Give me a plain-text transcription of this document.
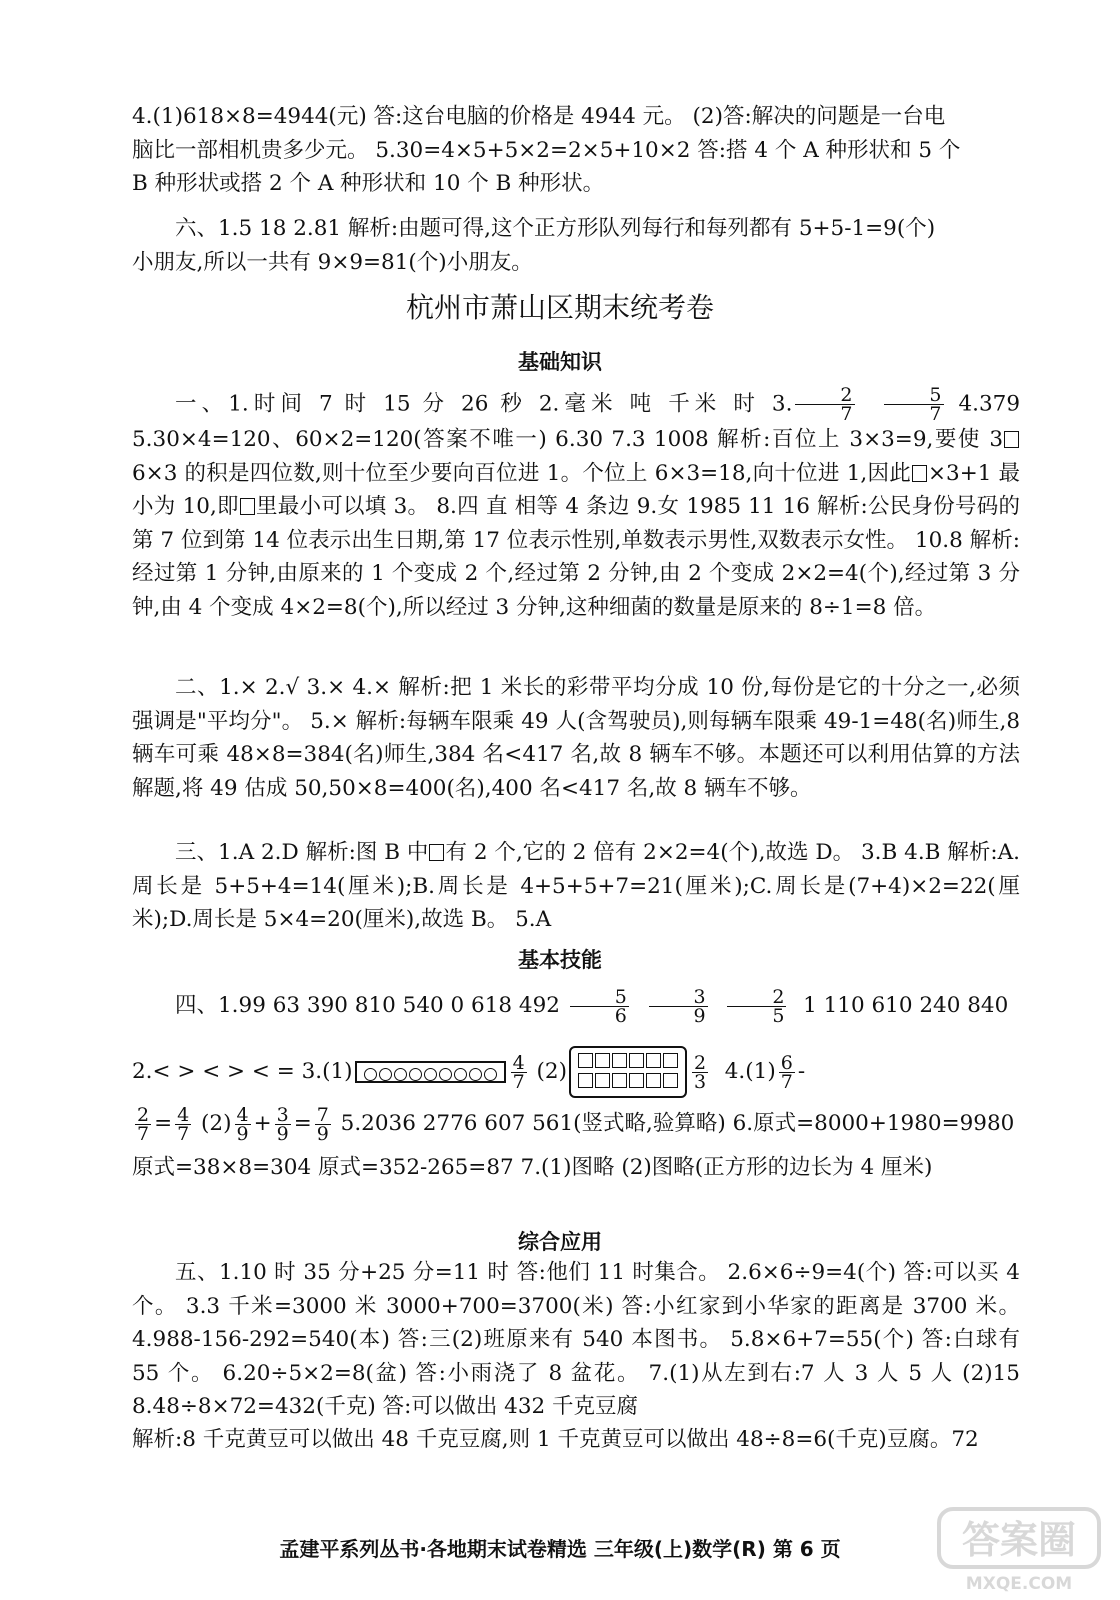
4.(1)618×8=4944(元) 答:这台电脑的价格是 4944 元。 (2)答:解决的问题是一台电
脑比一部相机贵多少元。 5.30=4×5+5×2=2×5+10×2 答:搭 4 个 A 种形状和 5 个
B 种形状或搭 2 个 A 种形状和 10 个 B 种形状。

六、1.5 18 2.81 解析:由题可得,这个正方形队列每行和每列都有 5+5-1=9(个)
小朋友,所以一共有 9×9=81(个)小朋友。

杭州市萧山区期末统考卷
基础知识

一、1.时间 7 时 15 分 26 秒 2.毫米 吨 千米 时 3. $\frac{2}{7}$
$\frac{5}{7} 4.379$ 5.30×4=120、60×2=120(答案不唯一) 6.30 7.3 1008 解析:百位上 3×3=9,要使 36×3 的积是四位数,则十位至少要向百位进 1。个位上 6×3=18,向十位进 1,因此 ×3+1 最小为 10,即 里最小可以填 3。 8.四 直 相等 4 条边 9.女 1985 11 16 解析:公民身份号码的第 7 位到第 14 位表示出生日期,第 17 位表示性别,单数表示男性,双数表示女性。 10.8 解析:经过第 1 分钟,由原来的 1 个变成 2 个,经过第 2 分钟,由 2 个变成 2×2=4(个),经过第 3 分钟,由 4 个变成 4×2=8(个),所以经过 3 分钟,这种细菌的数量是原来的 8÷1=8 倍。

二、1.× 2.√ 3.× 4.× 解析:把 1 米长的彩带平均分成 10 份,每份是它的十分之一,必须强调是"平均分"。 5.× 解析:每辆车限乘 49 人(含驾驶员),则每辆车限乘 49-1=48(名)师生,8 辆车可乘 48×8=384(名)师生,384 名<417 名,故 8 辆车不够。本题还可以利用估算的方法解题,将 49 估成 50,50×8=400(名),400 名<417 名,故 8 辆车不够。

三、1.A 2.D 解析:图 B 中 有 2 个,它的 2 倍有 2×2=4(个),故选 D。 3.B 4.B 解析:A.周长是 5+5+4=14(厘米);B.周长是 4+5+5+7=21(厘米);C.周长是(7+4)×2=22(厘米);D.周长是 5×4=20(厘米),故选 B。 5.A

基本技能
四、1.99 63 390 810 540 0 618 $492 \frac{5}{6}$
$\frac{3}{9}$
$\frac{2}{5} 1$ 110 610 240 840
2.< > < > < = 3.(1)	$\frac{4}{7} (2)$	$\frac{2}{3} 4.(1) \frac{6}{7}$ -
$\frac{2}{7} = \frac{4}{7} (2) \frac{4}{9} + \frac{3}{9} = \frac{7}{9} 5.2036$ 2776 607 561(竖式略,验算略) 6.原式=8000+1980=9980 原式=38×8=304 原式=352-265=87 7.(1)图略 (2)图略(正方形的边长为 4 厘米)
综合应用

五、1.10 时 35 分+25 分=11 时 答:他们 11 时集合。 2.6×6÷9=4(个) 答:可以买 4 个。 3.3 千米=3000 米 3000+700=3700(米) 答:小红家到小华家的距离是 3700 米。 4.988-156-292=540(本) 答:三(2)班原来有 540 本图书。 5.8×6+7=55(个) 答:白球有 55 个。 6.20÷5×2=8(盆) 答:小雨浇了 8 盆花。 7.(1)从左到右:7 人 3 人 5 人 (2)15 8.48÷8×72=432(千克) 答:可以做出 432 千克豆腐

解析:8 千克黄豆可以做出 48 千克豆腐,则 1 千克黄豆可以做出 48÷8=6(千克)豆腐。72

孟建平系列丛书·各地期末试卷精选 三年级(上)数学(R) 第 6 页	答案圈
MXQE.COM
